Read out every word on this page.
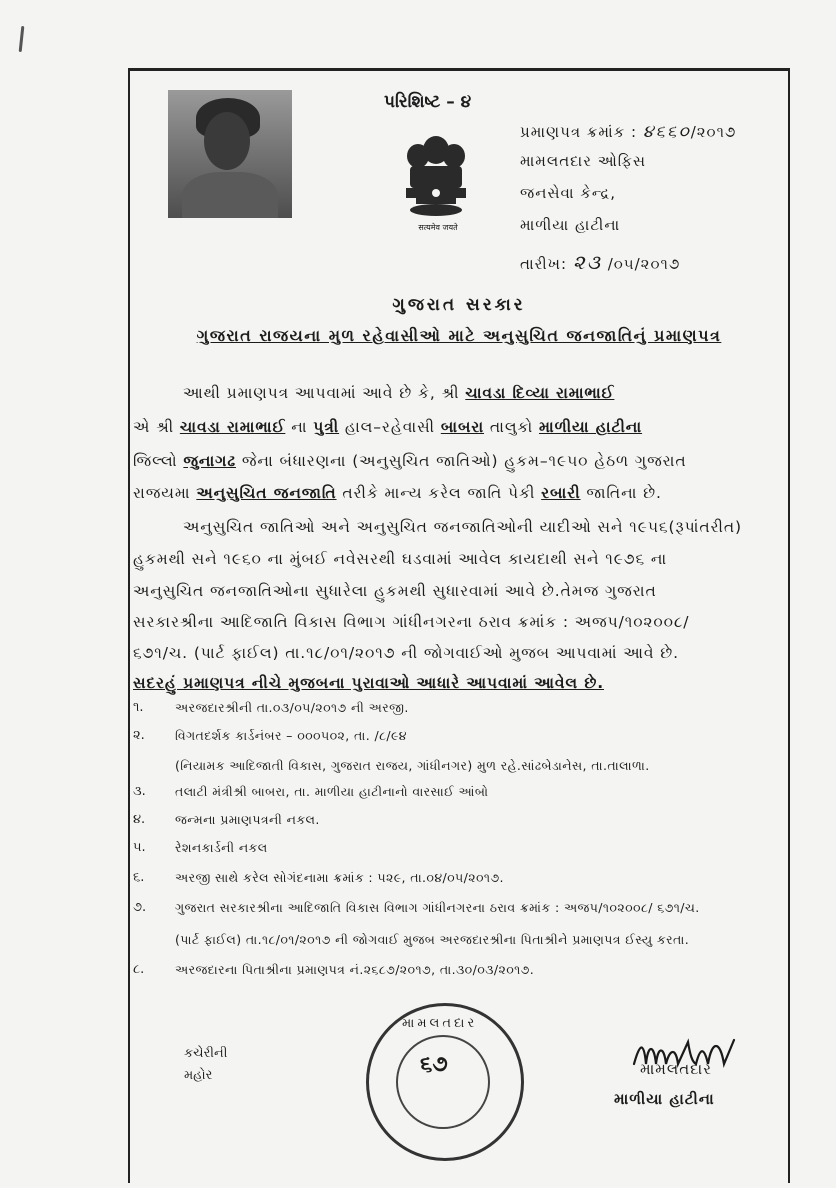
પરિશિષ્ટ – ૪
सत्यमेव जयते
પ્રમાણપત્ર ક્રમાંક : ૪૬૬૦/૨૦૧૭
મામલતદાર ઓફિસ
જનસેવા કેન્દ્ર,
માળીયા હાટીના
તારીખ: ૨૩ /૦૫/૨૦૧૭
ગુજરાત સરકાર
ગુજરાત રાજયના મુળ રહેવાસીઓ માટે અનુસુચિત જનજાતિનું પ્રમાણપત્ર
આથી પ્રમાણપત્ર આપવામાં આવે છે કે, શ્રી ચાવડા દિવ્યા રામાભાઈ
એ શ્રી ચાવડા રામાભાઈ ના પુત્રી હાલ–રહેવાસી બાબરા તાલુકો માળીયા હાટીના
જિલ્લો જુનાગઢ જેના બંધારણના (અનુસુચિત જાતિઓ) હુકમ–૧૯૫૦ હેઠળ ગુજરાત
રાજયમા અનુસુચિત જનજાતિ તરીકે માન્ય કરેલ જાતિ પેકી રબારી જાતિના છે.
અનુસુચિત જાતિઓ અને અનુસુચિત જનજાતિઓની યાદીઓ સને ૧૯૫૬(રૂપાંતરીત)
હુકમથી સને ૧૯૬૦ ના મુંબઈ નવેસરથી ઘડવામાં આવેલ કાયદાથી સને ૧૯૭૬ ના
અનુસુચિત જનજાતિઓના સુધારેલા હુકમથી સુધારવામાં આવે છે.તેમજ ગુજરાત
સરકારશ્રીના આદિજાતિ વિકાસ વિભાગ ગાંધીનગરના ઠરાવ ક્રમાંક : અજપ/૧૦૨૦૦૮/
૬૭૧/ચ. (પાર્ટ ફાઈલ) તા.૧૮/૦૧/૨૦૧૭ ની જોગવાઈઓ મુજબ આપવામાં આવે છે.
સદરહું પ્રમાણપત્ર નીચે મુજબના પુરાવાઓ આધારે આપવામાં આવેલ છે.
૧.	અરજદારશ્રીની તા.૦૩/૦૫/૨૦૧૭ ની અરજી.
૨. વિગતદર્શક કાર્ડનંબર – ૦૦૦૫૦૨, તા. /૮/૯૪
(નિયામક આદિજાતી વિકાસ, ગુજરાત રાજય, ગાંધીનગર) મુળ રહે.સાંઢબેડાનેસ, તા.તાલાળા.
૩. તલાટી મંત્રીશ્રી બાબરા, તા. માળીયા હાટીનાનો વારસાઈ આંબો
૪. જન્મના પ્રમાણપત્રની નકલ.
૫. રેશનકાર્ડની નકલ
૬. અરજી સાથે કરેલ સોગંદનામા ક્રમાંક : ૫૨૯, તા.૦૪/૦૫/૨૦૧૭.
૭. ગુજરાત સરકારશ્રીના આદિજાતિ વિકાસ વિભાગ ગાંધીનગરના ઠરાવ ક્રમાંક : અજપ/૧૦૨૦૦૮/ ૬૭૧/ચ.
(પાર્ટ ફાઈલ) તા.૧૮/૦૧/૨૦૧૭ ની જોગવાઈ મુજબ અરજદારશ્રીના પિતાશ્રીને પ્રમાણપત્ર ઈસ્યુ કરતા.
૮. અરજદારના પિતાશ્રીના પ્રમાણપત્ર નં.૨૬૮૭/૨૦૧૭, તા.૩૦/૦૩/૨૦૧૭.
કચેરીની
મહોર
મામલતદાર
૬૭	મામલતદાર
માળીયા હાટીના
